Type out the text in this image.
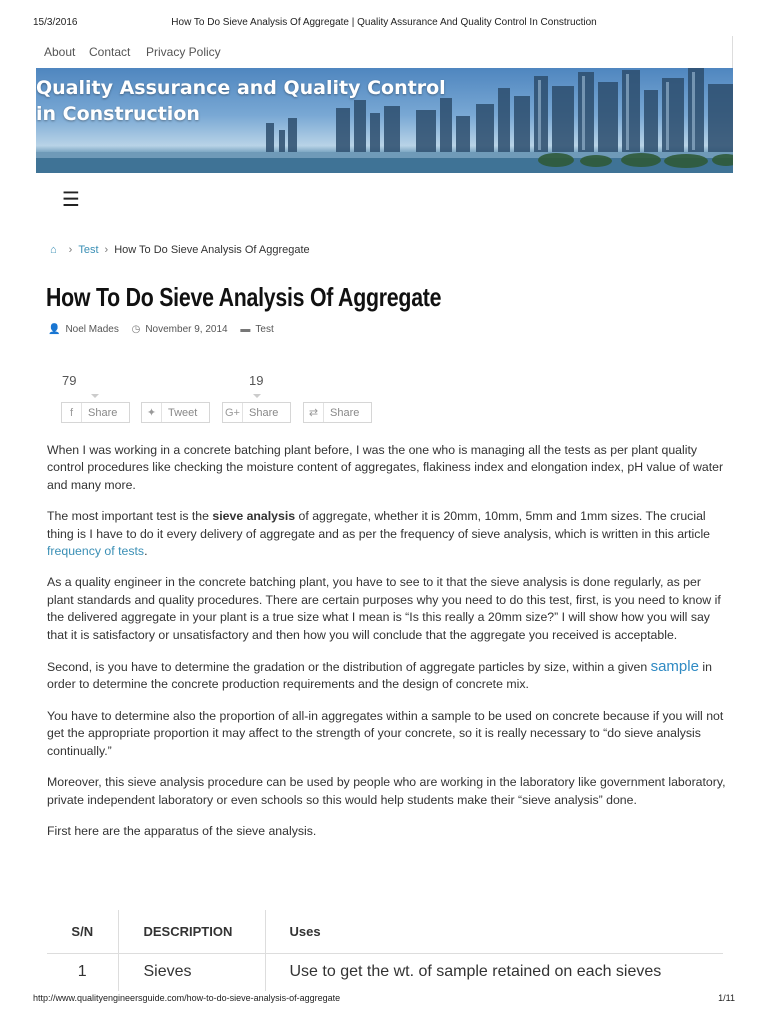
15/3/2016	How To Do Sieve Analysis Of Aggregate | Quality Assurance And Quality Control In Construction
About Contact Privacy Policy
Quality Assurance and Quality Control
in Construction
☰
⌂ › Test › How To Do Sieve Analysis Of Aggregate
How To Do Sieve Analysis Of Aggregate
👤 Noel Mades ◷ November 9, 2014 ▬ Test
79	19
f	Share	✦	Tweet	G+ Share	⇄	Share

When I was working in a concrete batching plant before, I was the one who is managing all the tests as per plant quality control procedures like checking the moisture content of aggregates, flakiness index and elongation index, pH value of water and many more.

The most important test is the sieve analysis of aggregate, whether it is 20mm, 10mm, 5mm and 1mm sizes. The crucial thing is I have to do it every delivery of aggregate and as per the frequency of sieve analysis, which is written in this article frequency of tests.

As a quality engineer in the concrete batching plant, you have to see to it that the sieve analysis is done regularly, as per plant standards and quality procedures. There are certain purposes why you need to do this test, first, is you need to know if the delivered aggregate in your plant is a true size what I mean is “Is this really a 20mm size?” I will show how you will say that it is satisfactory or unsatisfactory and then how you will conclude that the aggregate you received is acceptable.

Second, is you have to determine the gradation or the distribution of aggregate particles by size, within a given sample in order to determine the concrete production requirements and the design of concrete mix.

You have to determine also the proportion of all-in aggregates within a sample to be used on concrete because if you will not get the appropriate proportion it may affect to the strength of your concrete, so it is really necessary to “do sieve analysis continually.”

Moreover, this sieve analysis procedure can be used by people who are working in the laboratory like government laboratory, private independent laboratory or even schools so this would help students make their “sieve analysis” done.

First here are the apparatus of the sieve analysis.

S/N	DESCRIPTION	Uses
1	Sieves	Use to get the wt. of sample retained on each sieves
http://www.qualityengineersguide.com/how-to-do-sieve-analysis-of-aggregate	1/11
